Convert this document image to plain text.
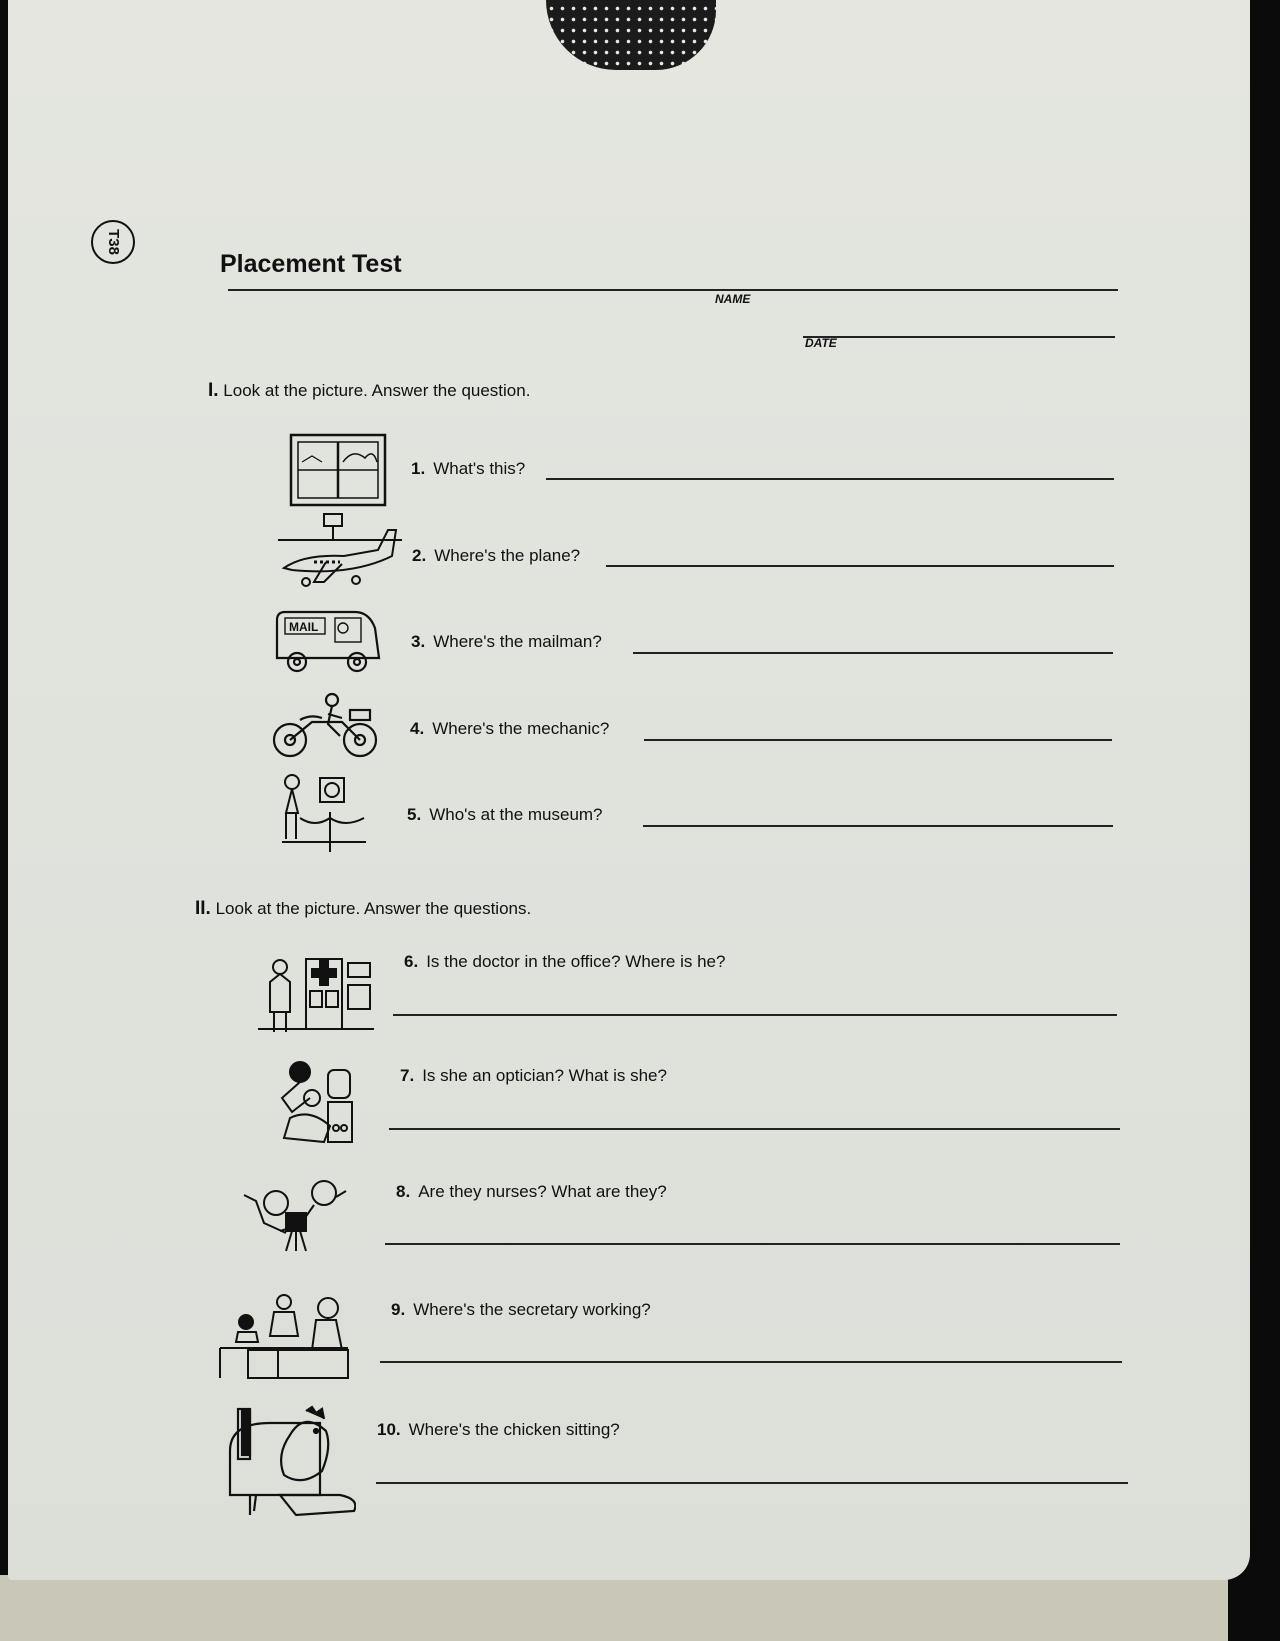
T38
Placement Test
NAME
DATE
I. Look at the picture. Answer the question.
1. What's this?
2. Where's the plane?
MAIL
3. Where's the mailman?
4. Where's the mechanic?
5. Who's at the museum?
II. Look at the picture. Answer the questions.
6. Is the doctor in the office? Where is he?
7. Is she an optician? What is she?
8. Are they nurses? What are they?
9. Where's the secretary working?
10. Where's the chicken sitting?
